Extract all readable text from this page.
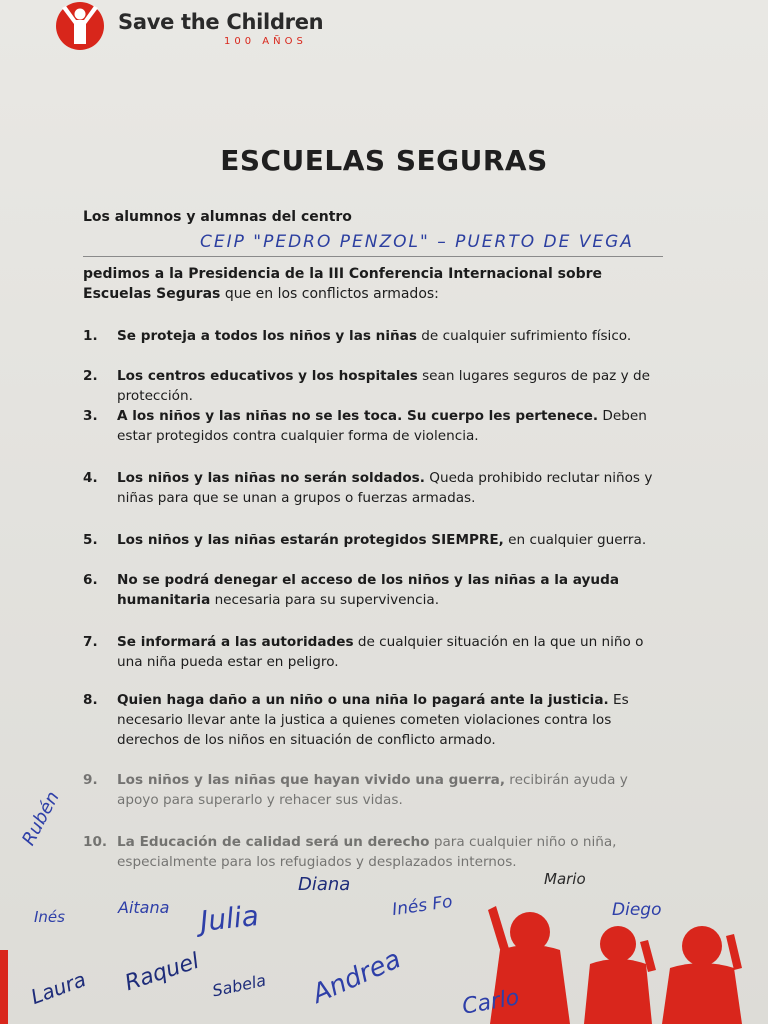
Save the Children
100 AÑOS
ESCUELAS SEGURAS
Los alumnos y alumnas del centro
CEIP "PEDRO PENZOL" – PUERTO DE VEGA
pedimos a la Presidencia de la III Conferencia Internacional sobre Escuelas Seguras que en los conflictos armados:
1.	Se proteja a todos los niños y las niñas de cualquier sufrimiento físico.
2.	Los centros educativos y los hospitales sean lugares seguros de paz y de protección.
3.	A los niños y las niñas no se les toca. Su cuerpo les pertenece. Deben estar protegidos contra cualquier forma de violencia.
4.	Los niños y las niñas no serán soldados. Queda prohibido reclutar niños y niñas para que se unan a grupos o fuerzas armadas.
5.	Los niños y las niñas estarán protegidos SIEMPRE, en cualquier guerra.
6.	No se podrá denegar el acceso de los niños y las niñas a la ayuda humanitaria necesaria para su supervivencia.
7.	Se informará a las autoridades de cualquier situación en la que un niño o una niña pueda estar en peligro.
8.	Quien haga daño a un niño o una niña lo pagará ante la justicia. Es necesario llevar ante la justica a quienes cometen violaciones contra los derechos de los niños en situación de conflicto armado.
9.	Los niños y las niñas que hayan vivido una guerra, recibirán ayuda y apoyo para superarlo y rehacer sus vidas.
10. La Educación de calidad será un derecho para cualquier niño o niña, especialmente para los refugiados y desplazados internos.
Rubén
Aitana
Inés	Julia
Diana
Inés Fo
Mario
Diego
Raquel	Andrea Carlo
Laura	Sabela
